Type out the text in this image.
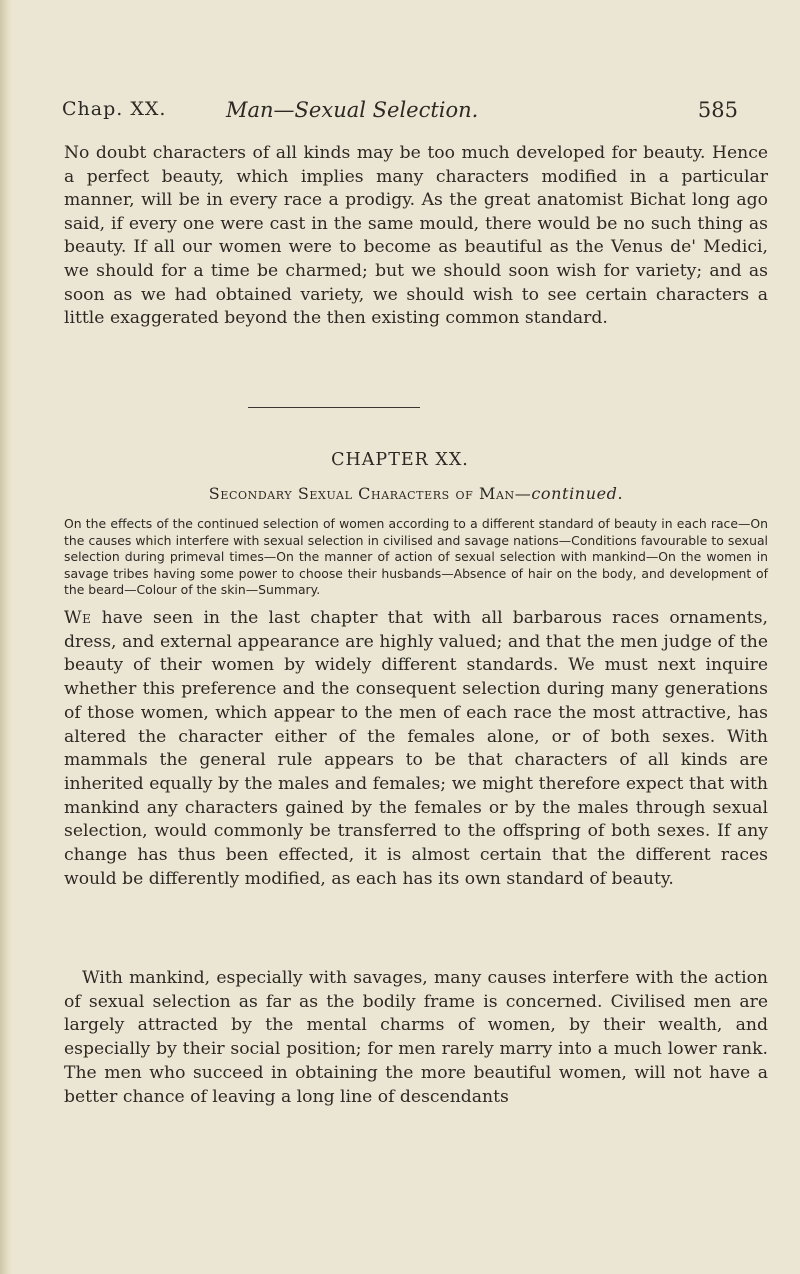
Chap. XX.	Man—Sexual Selection.	585

No doubt characters of all kinds may be too much developed for beauty. Hence a perfect beauty, which implies many characters modified in a particular manner, will be in every race a prodigy. As the great anatomist Bichat long ago said, if every one were cast in the same mould, there would be no such thing as beauty. If all our women were to become as beautiful as the Venus de' Medici, we should for a time be charmed; but we should soon wish for variety; and as soon as we had obtained variety, we should wish to see certain characters a little exaggerated beyond the then existing common standard.

CHAPTER XX.
Secondary Sexual Characters of Man—continued.

On the effects of the continued selection of women according to a different standard of beauty in each race—On the causes which interfere with sexual selection in civilised and savage nations—Conditions favourable to sexual selection during primeval times—On the manner of action of sexual selection with mankind—On the women in savage tribes having some power to choose their husbands—Absence of hair on the body, and development of the beard—Colour of the skin—Summary.

We have seen in the last chapter that with all barbarous races ornaments, dress, and external appearance are highly valued; and that the men judge of the beauty of their women by widely different standards. We must next inquire whether this preference and the consequent selection during many generations of those women, which appear to the men of each race the most attractive, has altered the character either of the females alone, or of both sexes. With mammals the general rule appears to be that characters of all kinds are inherited equally by the males and females; we might therefore expect that with mankind any characters gained by the females or by the males through sexual selection, would commonly be transferred to the offspring of both sexes. If any change has thus been effected, it is almost certain that the different races would be differently modified, as each has its own standard of beauty.

With mankind, especially with savages, many causes interfere with the action of sexual selection as far as the bodily frame is concerned. Civilised men are largely attracted by the mental charms of women, by their wealth, and especially by their social position; for men rarely marry into a much lower rank. The men who succeed in obtaining the more beautiful women, will not have a better chance of leaving a long line of descendants
